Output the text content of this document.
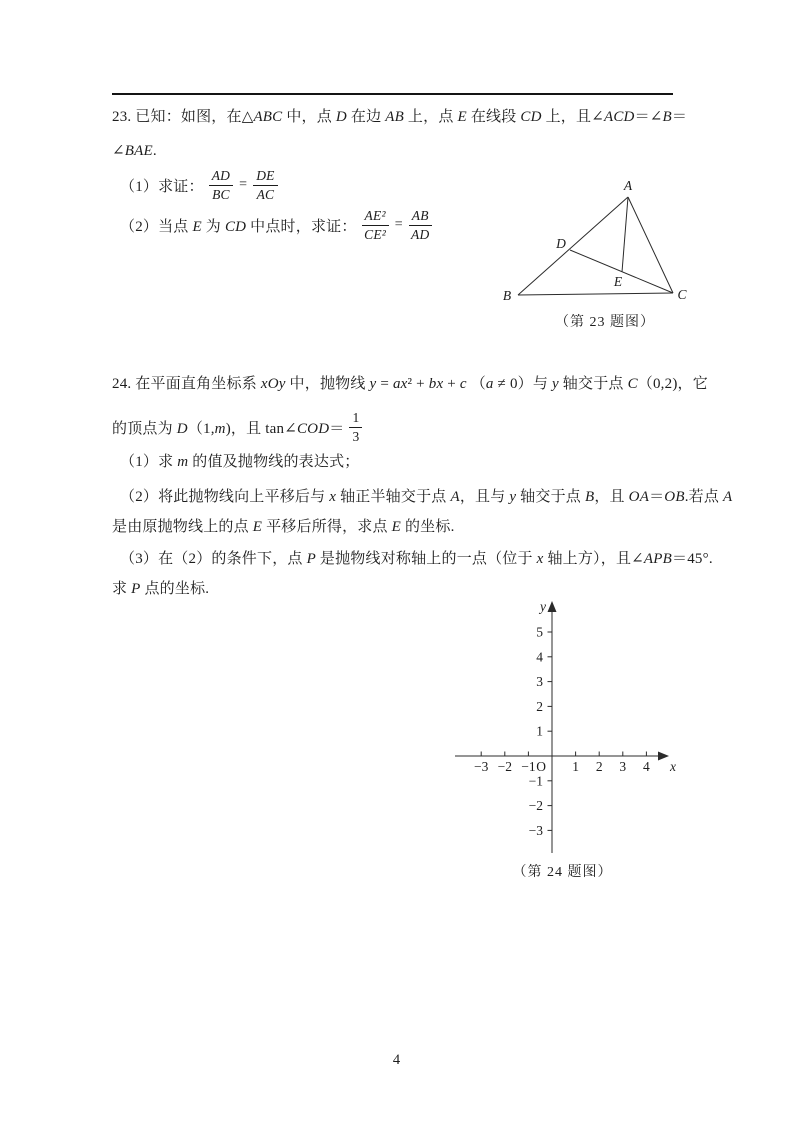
23. 已知：如图，在△ABC 中，点 D 在边 AB 上，点 E 在线段 CD 上，且∠ACD＝∠B＝
∠BAE.
（1）求证： $\frac{AD}{BC} = \frac{DE}{AC}$
（2）当点 E 为 CD 中点时，求证： $\frac{\text{AE²}}{\text{CE²}} = \frac{AB}{AD}$
A
B	C
D
E
（第 23 题图）
24. 在平面直角坐标系 xOy 中，抛物线 y = ax² + bx + c （a ≠ 0）与 y 轴交于点 C（0,2)，它
的顶点为 D（1,m)，且 tan∠COD＝ $\frac{1}{3}$
（1）求 m 的值及抛物线的表达式；
（2）将此抛物线向上平移后与 x 轴正半轴交于点 A，且与 y 轴交于点 B，且 OA＝OB.若点 A
是由原抛物线上的点 E 平移后所得，求点 E 的坐标.
（3）在（2）的条件下，点 P 是抛物线对称轴上的一点（位于 x 轴上方），且∠APB＝45°.
求 P 点的坐标.
y
x
O
−3 −2 −1	1 2 3 4
5
4
3
2
1
−1
−2
−3
（第 24 题图）
4
